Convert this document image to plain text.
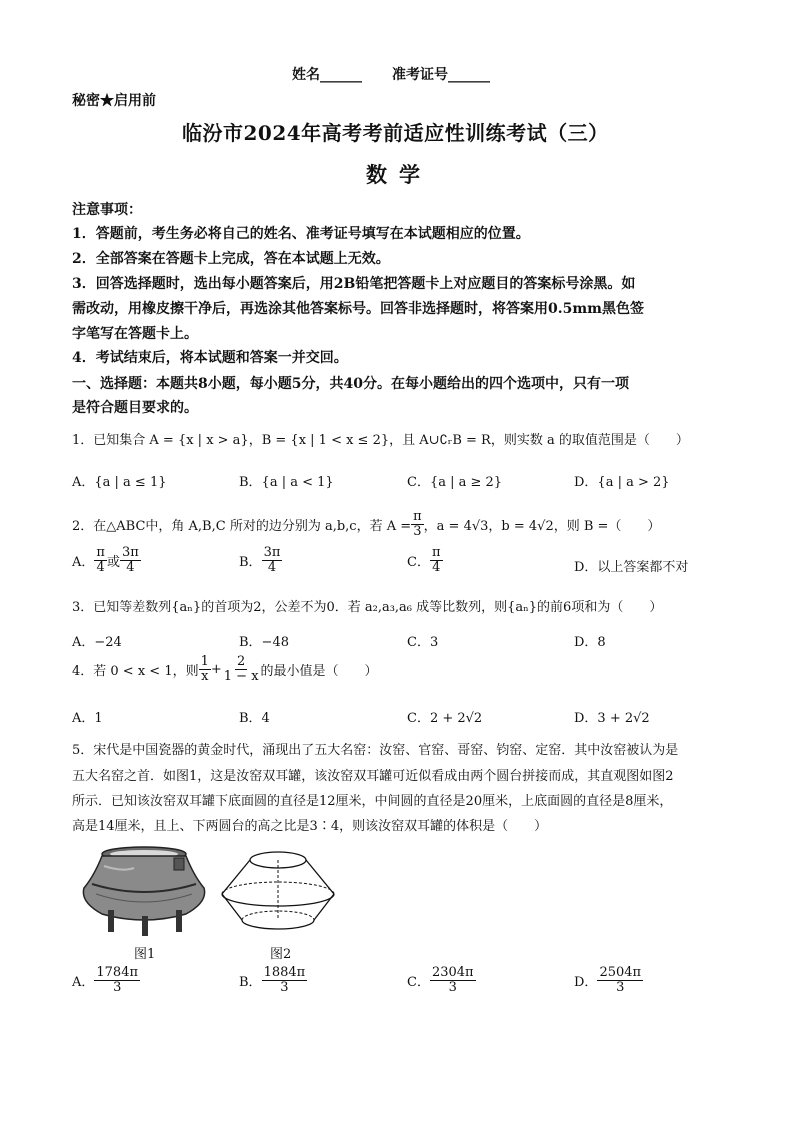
姓名______ 准考证号______
秘密★启用前
临汾市2024年高考考前适应性训练考试（三）
数学
注意事项：
1．答题前，考生务必将自己的姓名、准考证号填写在本试题相应的位置。
2．全部答案在答题卡上完成，答在本试题上无效。
3．回答选择题时，选出每小题答案后，用2B铅笔把答题卡上对应题目的答案标号涂黑。如
需改动，用橡皮擦干净后，再选涂其他答案标号。回答非选择题时，将答案用0.5mm黑色签
字笔写在答题卡上。
4．考试结束后，将本试题和答案一并交回。
一、选择题：本题共8小题，每小题5分，共40分。在每小题给出的四个选项中，只有一项
是符合题目要求的。
1．已知集合 A = {x | x > a}，B = {x | 1 < x ≤ 2}，且 A∪∁ᵣB = R，则实数 a 的取值范围是（　　）
A．{a | a ≤ 1}	B．{a | a < 1}	C．{a | a ≥ 2}	D．{a | a > 2}
2．在△ABC中，角 A,B,C 所对的边分别为 a,b,c，若 $A = \frac{\pi}{3}$ ，a = 4√3，b = 4√2，则 B =（　　）
A． $\frac{\pi}{4}$ 或 $\frac{3\pi}{4}$	B． $\frac{3\pi}{4}$	C． $\frac{\pi}{4}$	D．以上答案都不对
3．已知等差数列{aₙ}的首项为2，公差不为0．若 a₂,a₃,a₆ 成等比数列，则{aₙ}的前6项和为（　　）
A．−24	B．−48	C．3	D．8
4．若 0 < x < 1，则 $\frac{1}{x} + \frac{2}{1 - x}$ 的最小值是（　　）
A．1	B．4	C．2 + 2√2	D．3 + 2√2
5．宋代是中国瓷器的黄金时代，涌现出了五大名窑：汝窑、官窑、哥窑、钧窑、定窑．其中汝窑被认为是
五大名窑之首．如图1，这是汝窑双耳罐，该汝窑双耳罐可近似看成由两个圆台拼接而成，其直观图如图2
所示．已知该汝窑双耳罐下底面圆的直径是12厘米，中间圆的直径是20厘米，上底面圆的直径是8厘米，
高是14厘米，且上、下两圆台的高之比是3∶4，则该汝窑双耳罐的体积是（　　）
图1	图2
A． $\frac{1784\pi}{3}$	B． $\frac{1884\pi}{3}$	C． $\frac{2304\pi}{3}$	D． $\frac{2504\pi}{3}$
